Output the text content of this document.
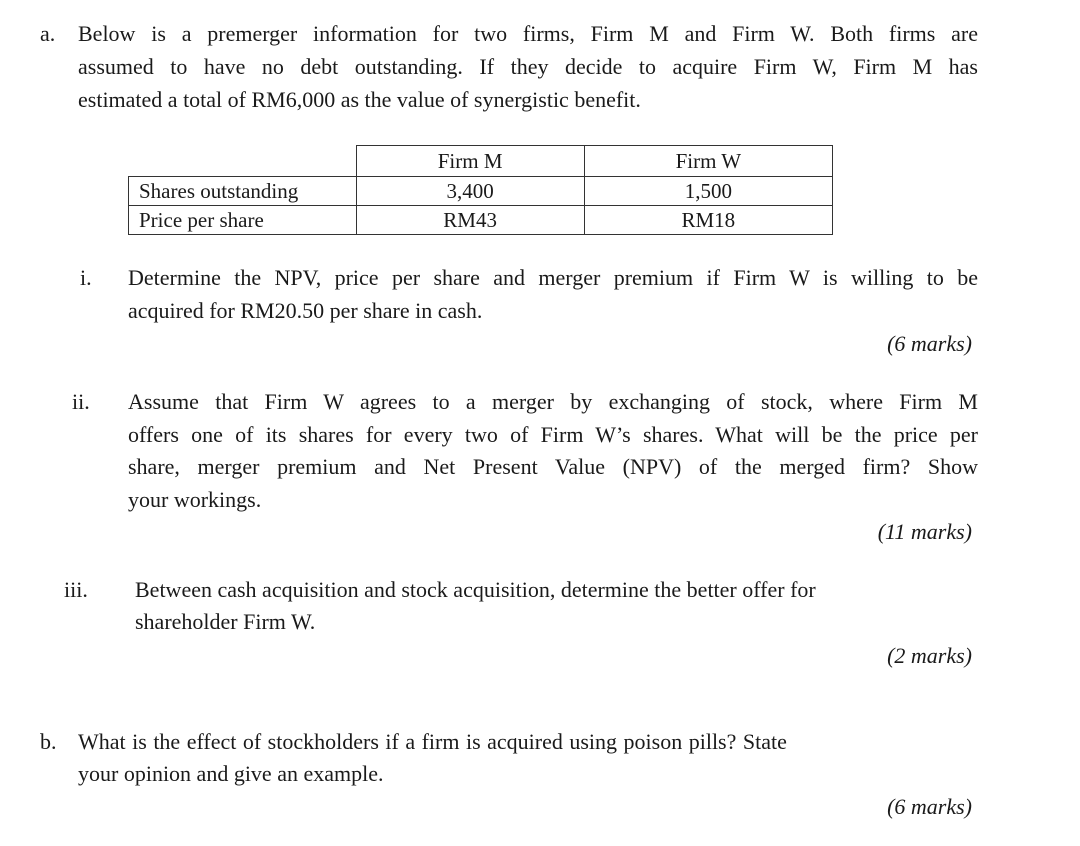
a. Below is a premerger information for two firms, Firm M and Firm W. Both firms are
assumed to have no debt outstanding. If they decide to acquire Firm W, Firm M has
estimated a total of RM6,000 as the value of synergistic benefit.
	Firm M	Firm W
Shares outstanding	3,400	1,500
Price per share	RM43	RM18
i. Determine the NPV, price per share and merger premium if Firm W is willing to be
acquired for RM20.50 per share in cash.
(6 marks)
ii. Assume that Firm W agrees to a merger by exchanging of stock, where Firm M
offers one of its shares for every two of Firm W’s shares. What will be the price per
share, merger premium and Net Present Value (NPV) of the merged firm? Show
your workings.
(11 marks)
iii. Between cash acquisition and stock acquisition, determine the better offer for
shareholder Firm W.
(2 marks)
b. What is the effect of stockholders if a firm is acquired using poison pills? State
your opinion and give an example.
(6 marks)
